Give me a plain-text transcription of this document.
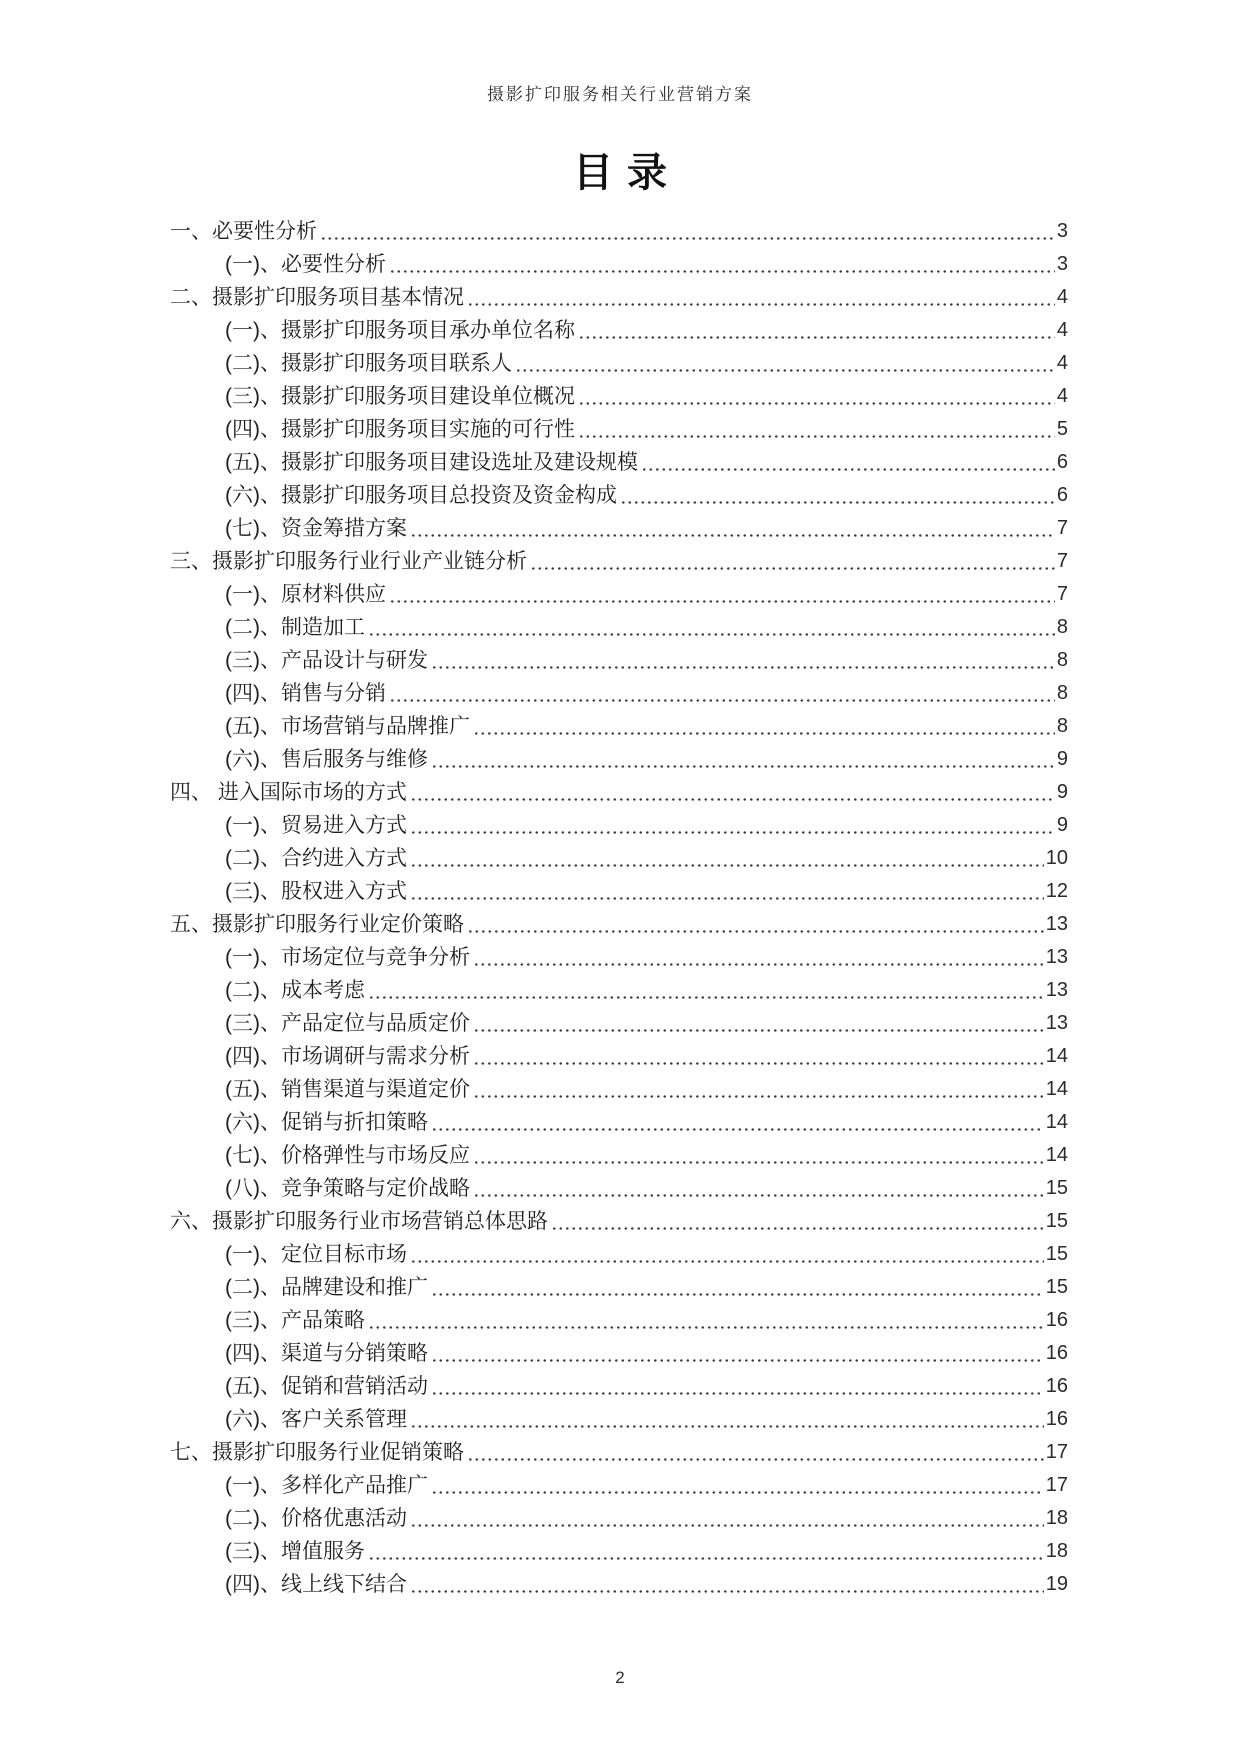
摄影扩印服务相关行业营销方案
目录
一、必要性分析	3
(一)、必要性分析	3
二、摄影扩印服务项目基本情况	4
(一)、摄影扩印服务项目承办单位名称	4
(二)、摄影扩印服务项目联系人	4
(三)、摄影扩印服务项目建设单位概况	4
(四)、摄影扩印服务项目实施的可行性	5
(五)、摄影扩印服务项目建设选址及建设规模	6
(六)、摄影扩印服务项目总投资及资金构成	6
(七)、资金筹措方案	7
三、摄影扩印服务行业行业产业链分析	7
(一)、原材料供应	7
(二)、制造加工	8
(三)、产品设计与研发	8
(四)、销售与分销	8
(五)、市场营销与品牌推广	8
(六)、售后服务与维修	9
四、 进入国际市场的方式	9
(一)、贸易进入方式	9
(二)、合约进入方式	10
(三)、股权进入方式	12
五、摄影扩印服务行业定价策略	13
(一)、市场定位与竞争分析	13
(二)、成本考虑	13
(三)、产品定位与品质定价	13
(四)、市场调研与需求分析	14
(五)、销售渠道与渠道定价	14
(六)、促销与折扣策略	14
(七)、价格弹性与市场反应	14
(八)、竞争策略与定价战略	15
六、摄影扩印服务行业市场营销总体思路	15
(一)、定位目标市场	15
(二)、品牌建设和推广	15
(三)、产品策略	16
(四)、渠道与分销策略	16
(五)、促销和营销活动	16
(六)、客户关系管理	16
七、摄影扩印服务行业促销策略	17
(一)、多样化产品推广	17
(二)、价格优惠活动	18
(三)、增值服务	18
(四)、线上线下结合	19
2
